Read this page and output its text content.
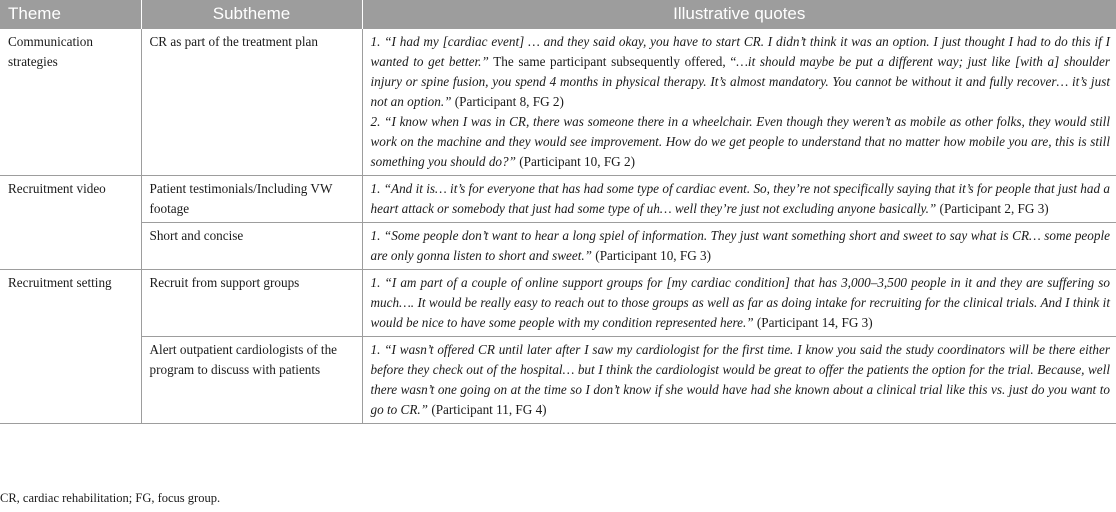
Theme	Subtheme	Illustrative quotes
Communication strategies	CR as part of the treatment plan	1. “I had my [cardiac event] … and they said okay, you have to start CR. I didn’t think it was an option. I just thought I had to do this if I wanted to get better.” The same participant subsequently offered, “…it should maybe be put a different way; just like [with a] shoulder injury or spine fusion, you spend 4 months in physical therapy. It’s almost mandatory. You cannot be without it and fully recover… it’s just not an option.” (Participant 8, FG 2)
2. “I know when I was in CR, there was someone there in a wheelchair. Even though they weren’t as mobile as other folks, they would still work on the machine and they would see improvement. How do we get people to understand that no matter how mobile you are, this is still something you should do?” (Participant 10, FG 2)

Recruitment video	Patient testimonials/Including VW footage	1. “And it is… it’s for everyone that has had some type of cardiac event. So, they’re not specifically saying that it’s for people that just had a heart attack or somebody that just had some type of uh… well they’re just not excluding anyone basically.” (Participant 2, FG 3)

	Short and concise	1. “Some people don’t want to hear a long spiel of information. They just want something short and sweet to say what is CR… some people are only gonna listen to short and sweet.” (Participant 10, FG 3)

Recruitment setting	Recruit from support groups	1. “I am part of a couple of online support groups for [my cardiac condition] that has 3,000–3,500 people in it and they are suffering so much…. It would be really easy to reach out to those groups as well as far as doing intake for recruiting for the clinical trials. And I think it would be nice to have some people with my condition represented here.” (Participant 14, FG 3)

	Alert outpatient cardiologists of the program to discuss with patients	1. “I wasn’t offered CR until later after I saw my cardiologist for the first time. I know you said the study coordinators will be there either before they check out of the hospital… but I think the cardiologist would be great to offer the patients the option for the trial. Because, well there wasn’t one going on at the time so I don’t know if she would have had she known about a clinical trial like this vs. just do you want to go to CR.” (Participant 11, FG 4)
CR, cardiac rehabilitation; FG, focus group.
